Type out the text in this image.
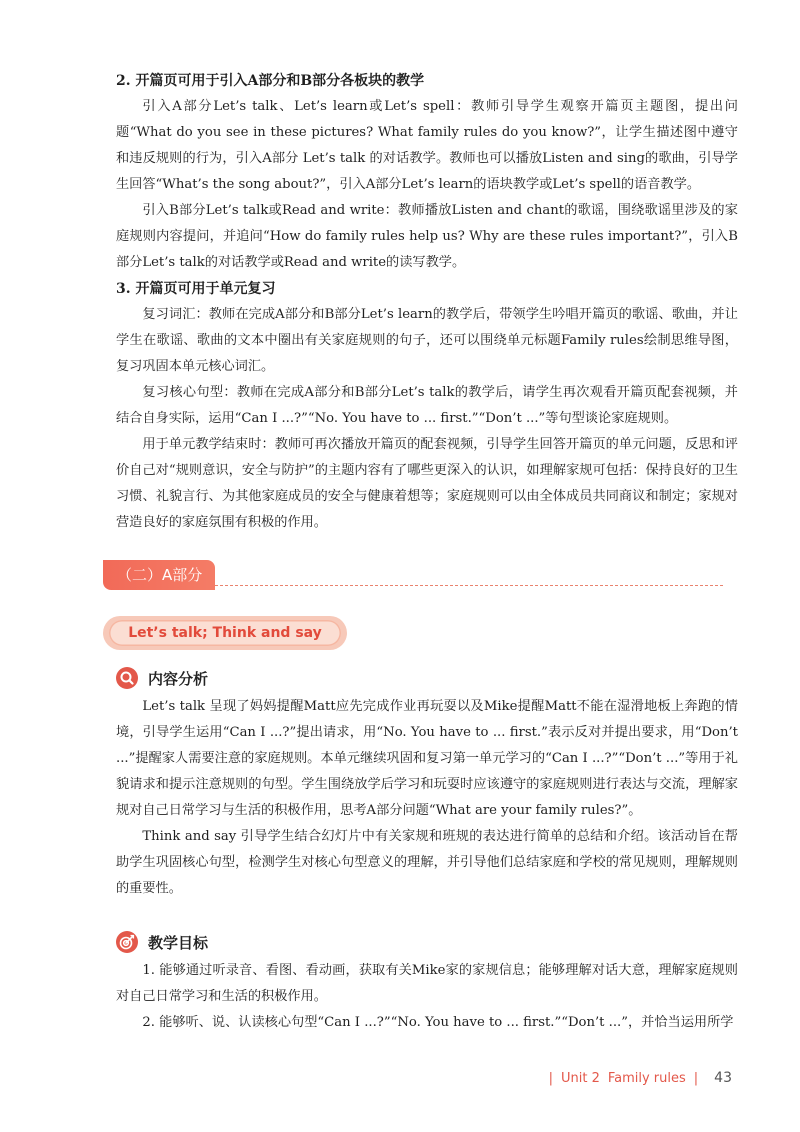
2. 开篇页可用于引入A部分和B部分各板块的教学

引入A部分Let’s talk、Let’s learn或Let’s spell：教师引导学生观察开篇页主题图，提出问题“What do you see in these pictures? What family rules do you know?”，让学生描述图中遵守和违反规则的行为，引入A部分 Let’s talk 的对话教学。教师也可以播放Listen and sing的歌曲，引导学生回答“What’s the song about?”，引入A部分Let’s learn的语块教学或Let’s spell的语音教学。

引入B部分Let’s talk或Read and write：教师播放Listen and chant的歌谣，围绕歌谣里涉及的家庭规则内容提问，并追问“How do family rules help us? Why are these rules important?”，引入B部分Let’s talk的对话教学或Read and write的读写教学。

3. 开篇页可用于单元复习

复习词汇：教师在完成A部分和B部分Let’s learn的教学后，带领学生吟唱开篇页的歌谣、歌曲，并让学生在歌谣、歌曲的文本中圈出有关家庭规则的句子，还可以围绕单元标题Family rules绘制思维导图，复习巩固本单元核心词汇。

复习核心句型：教师在完成A部分和B部分Let’s talk的教学后，请学生再次观看开篇页配套视频，并结合自身实际，运用“Can I ...?”“No. You have to ... first.”“Don’t ...”等句型谈论家庭规则。

用于单元教学结束时：教师可再次播放开篇页的配套视频，引导学生回答开篇页的单元问题，反思和评价自己对“规则意识，安全与防护”的主题内容有了哪些更深入的认识，如理解家规可包括：保持良好的卫生习惯、礼貌言行、为其他家庭成员的安全与健康着想等；家庭规则可以由全体成员共同商议和制定；家规对营造良好的家庭氛围有积极的作用。

（二）A部分
Let’s talk; Think and say
内容分析

Let’s talk 呈现了妈妈提醒Matt应先完成作业再玩耍以及Mike提醒Matt不能在湿滑地板上奔跑的情境，引导学生运用“Can I ...?”提出请求，用“No. You have to ... first.”表示反对并提出要求，用“Don’t ...”提醒家人需要注意的家庭规则。本单元继续巩固和复习第一单元学习的“Can I ...?”“Don’t ...”等用于礼貌请求和提示注意规则的句型。学生围绕放学后学习和玩耍时应该遵守的家庭规则进行表达与交流，理解家规对自己日常学习与生活的积极作用，思考A部分问题“What are your family rules?”。

Think and say 引导学生结合幻灯片中有关家规和班规的表达进行简单的总结和介绍。该活动旨在帮助学生巩固核心句型，检测学生对核心句型意义的理解，并引导他们总结家庭和学校的常见规则，理解规则的重要性。

教学目标

1. 能够通过听录音、看图、看动画，获取有关Mike家的家规信息；能够理解对话大意，理解家庭规则对自己日常学习和生活的积极作用。

2. 能够听、说、认读核心句型“Can I ...?”“No. You have to ... first.”“Don’t ...”，并恰当运用所学

| Unit 2 Family rules | 43
